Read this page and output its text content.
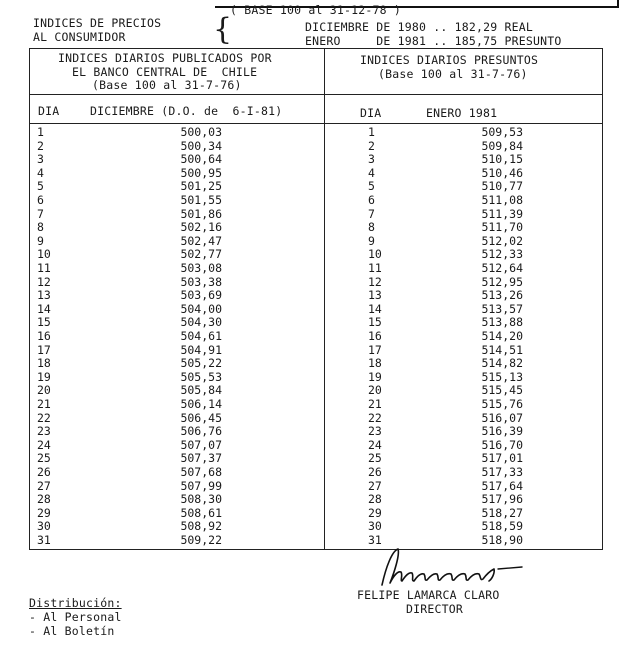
( BASE 100 al 31-12-78 )
INDICES DE PRECIOS
AL CONSUMIDOR	{	DICIEMBRE DE 1980 .. 182,29 REAL
ENERO     DE 1981 .. 185,75 PRESUNTO
INDICES DIARIOS PUBLICADOS POR
EL BANCO CENTRAL DE  CHILE
(Base 100 al 31-7-76)
INDICES DIARIOS PRESUNTOS
(Base 100 al 31-7-76)
DIA	DICIEMBRE (D.O. de  6-I-81)	DIA	ENERO 1981
1	500,03	1	509,53
2	500,34	2	509,84
3	500,64	3	510,15
4	500,95	4	510,46
5	501,25	5	510,77
6	501,55	6	511,08
7	501,86	7	511,39
8	502,16	8	511,70
9	502,47	9	512,02
10	502,77	10	512,33
11	503,08	11	512,64
12	503,38	12	512,95
13	503,69	13	513,26
14	504,00	14	513,57
15	504,30	15	513,88
16	504,61	16	514,20
17	504,91	17	514,51
18	505,22	18	514,82
19	505,53	19	515,13
20	505,84	20	515,45
21	506,14	21	515,76
22	506,45	22	516,07
23	506,76	23	516,39
24	507,07	24	516,70
25	507,37	25	517,01
26	507,68	26	517,33
27	507,99	27	517,64
28	508,30	28	517,96
29	508,61	29	518,27
30	508,92	30	518,59
31	509,22	31	518,90
Distribución:
- Al Personal
- Al Boletín
FELIPE LAMARCA CLARO
DIRECTOR
